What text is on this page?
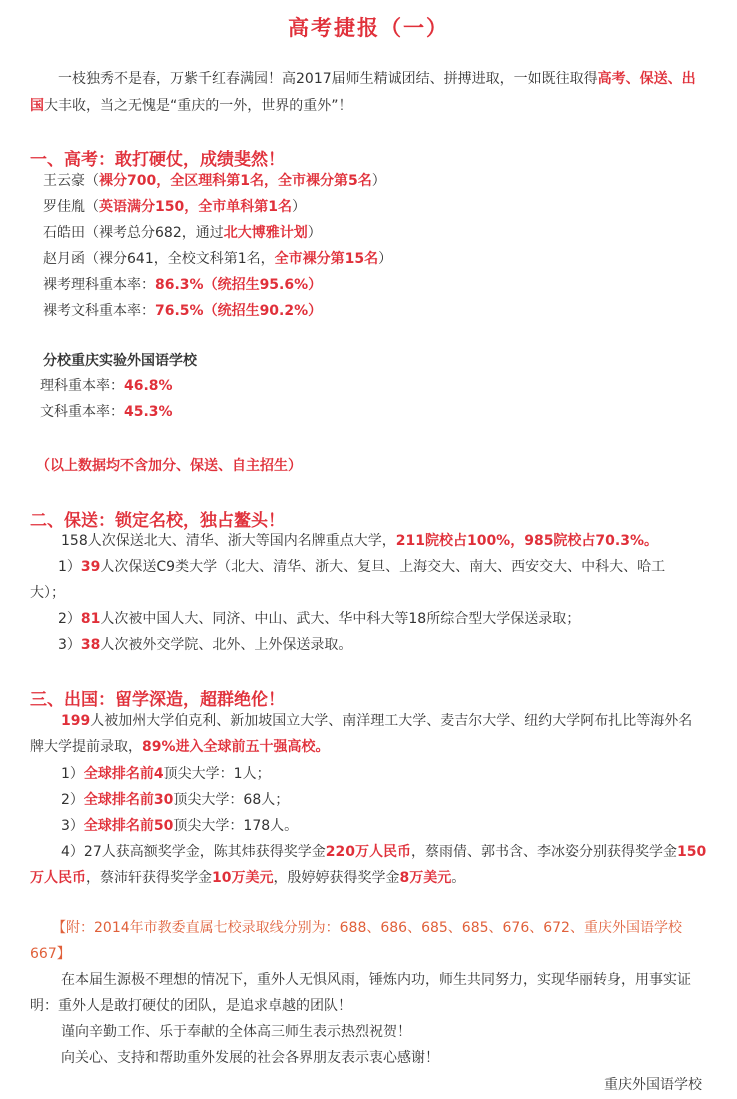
高考捷报（一）
一枝独秀不是春，万紫千红春满园！高2017届师生精诚团结、拼搏进取，一如既往取得高考、保送、出
国大丰收，当之无愧是“重庆的一外，世界的重外”！
一、高考：敢打硬仗，成绩斐然！
王云豪（裸分700，全区理科第1名，全市裸分第5名）
罗佳胤（英语满分150，全市单科第1名）
石皓田（裸考总分682，通过北大博雅计划）
赵月函（裸分641，全校文科第1名，全市裸分第15名）
裸考理科重本率：86.3%（统招生95.6%）
裸考文科重本率：76.5%（统招生90.2%）
分校重庆实验外国语学校
理科重本率：46.8%
文科重本率：45.3%
（以上数据均不含加分、保送、自主招生）
二、保送：锁定名校，独占鳌头！
158人次保送北大、清华、浙大等国内名牌重点大学，211院校占100%，985院校占70.3%。
1）39人次保送C9类大学（北大、清华、浙大、复旦、上海交大、南大、西安交大、中科大、哈工
大）；
2）81人次被中国人大、同济、中山、武大、华中科大等18所综合型大学保送录取；
3）38人次被外交学院、北外、上外保送录取。
三、出国：留学深造，超群绝伦！
199人被加州大学伯克利、新加坡国立大学、南洋理工大学、麦吉尔大学、纽约大学阿布扎比等海外名
牌大学提前录取，89%进入全球前五十强高校。
1）全球排名前4顶尖大学：1人；
2）全球排名前30顶尖大学：68人；
3）全球排名前50顶尖大学：178人。
4）27人获高额奖学金，陈其炜获得奖学金220万人民币，蔡雨倩、郭书含、李冰姿分别获得奖学金150
万人民币，蔡沛轩获得奖学金10万美元，殷婷婷获得奖学金8万美元。
【附：2014年市教委直属七校录取线分别为：688、686、685、685、676、672、重庆外国语学校
667】
在本届生源极不理想的情况下，重外人无惧风雨，锤炼内功，师生共同努力，实现华丽转身，用事实证
明：重外人是敢打硬仗的团队，是追求卓越的团队！
谨向辛勤工作、乐于奉献的全体高三师生表示热烈祝贺！
向关心、支持和帮助重外发展的社会各界朋友表示衷心感谢！
重庆外国语学校
